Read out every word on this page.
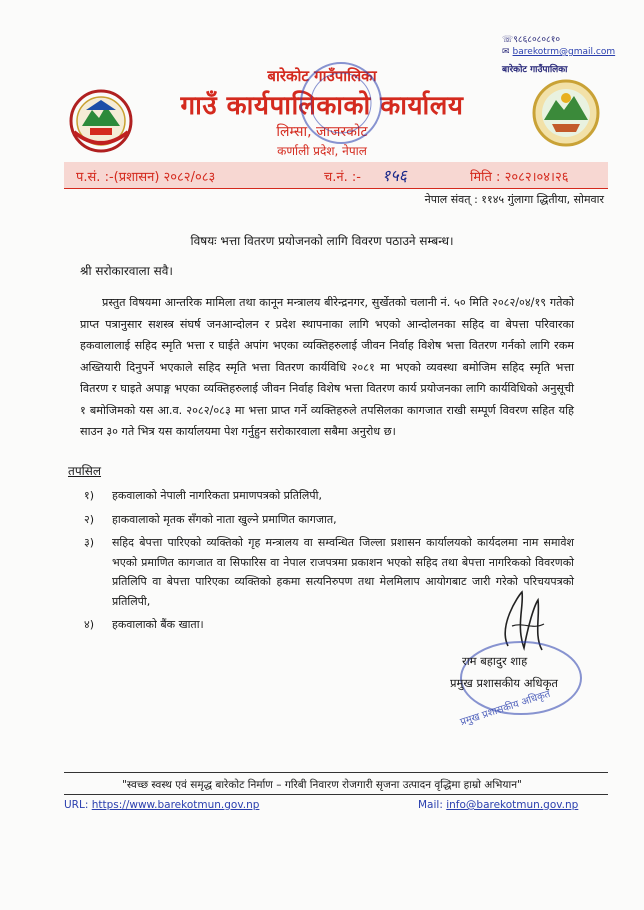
☏९८६८०८०८१०
✉ barekotrm@gmail.com
बारेकोट गाउँपालिका
बारेकोट गाउँपालिका
गाउँ कार्यपालिकाको कार्यालय
लिम्सा, जाजरकोट
कर्णाली प्रदेश, नेपाल
प.सं. :-(प्रशासन) २०८२/०८३	च.नं. :- १५६	मिति : २०८२।०४।२६
नेपाल संवत् : ११४५ गुंलागा द्धितीया, सोमवार
विषयः भत्ता वितरण प्रयोजनको लागि विवरण पठाउने सम्बन्ध।
श्री सरोकारवाला सवै।
प्रस्तुत विषयमा आन्तरिक मामिला तथा कानून मन्त्रालय बीरेन्द्रनगर, सुर्खेतको चलानी नं. ५० मिति २०८२/०४/१९ गतेको प्राप्त पत्रानुसार सशस्त्र संघर्ष जनआन्दोलन र प्रदेश स्थापनाका लागि भएको आन्दोलनका सहिद वा बेपत्ता परिवारका हकवालालाई सहिद स्मृति भत्ता र घाईते अपांग भएका व्यक्तिहरुलाई जीवन निर्वाह विशेष भत्ता वितरण गर्नको लागि रकम अख्तियारी दिनुपर्ने भएकाले सहिद स्मृति भत्ता वितरण कार्यविधि २०८१ मा भएको व्यवस्था बमोजिम सहिद स्मृति भत्ता वितरण र घाइते अपाङ्ग भएका व्यक्तिहरुलाई जीवन निर्वाह विशेष भत्ता वितरण कार्य प्रयोजनका लागि कार्यविधिको अनुसूची १ बमोजिमको यस आ.व. २०८२/०८३ मा भत्ता प्राप्त गर्ने व्यक्तिहरुले तपसिलका कागजात राखी सम्पूर्ण विवरण सहित यहि साउन ३० गते भित्र यस कार्यालयमा पेश गर्नुहुन सरोकारवाला सबैमा अनुरोध छ।
तपसिल
१)	हकवालाको नेपाली नागरिकता प्रमाणपत्रको प्रतिलिपी,
२)	हाकवालाको मृतक सँगको नाता खुल्ने प्रमाणित कागजात,
३)	सहिद बेपत्ता पारिएको व्यक्तिको गृह मन्त्रालय वा सम्वन्धित जिल्ला प्रशासन कार्यालयको कार्यदलमा नाम समावेश भएको प्रमाणित कागजात वा सिफारिस वा नेपाल राजपत्रमा प्रकाशन भएको सहिद तथा बेपत्ता नागरिकको विवरणको प्रतिलिपि वा बेपत्ता पारिएका व्यक्तिको हकमा सत्यनिरुपण तथा मेलमिलाप आयोगबाट जारी गरेको परिचयपत्रको प्रतिलिपी,
४)	हकवालाको बैंक खाता।
राम बहादुर शाह
प्रमुख प्रशासकीय अधिकृत
प्रमुख प्रशासकीय अधिकृत
"स्वच्छ स्वस्थ एवं समृद्ध बारेकोट निर्माण – गरिबी निवारण रोजगारी सृजना उत्पादन वृद्धिमा हाम्रो अभियान"
URL: https://www.barekotmun.gov.np	Mail: info@barekotmun.gov.np
